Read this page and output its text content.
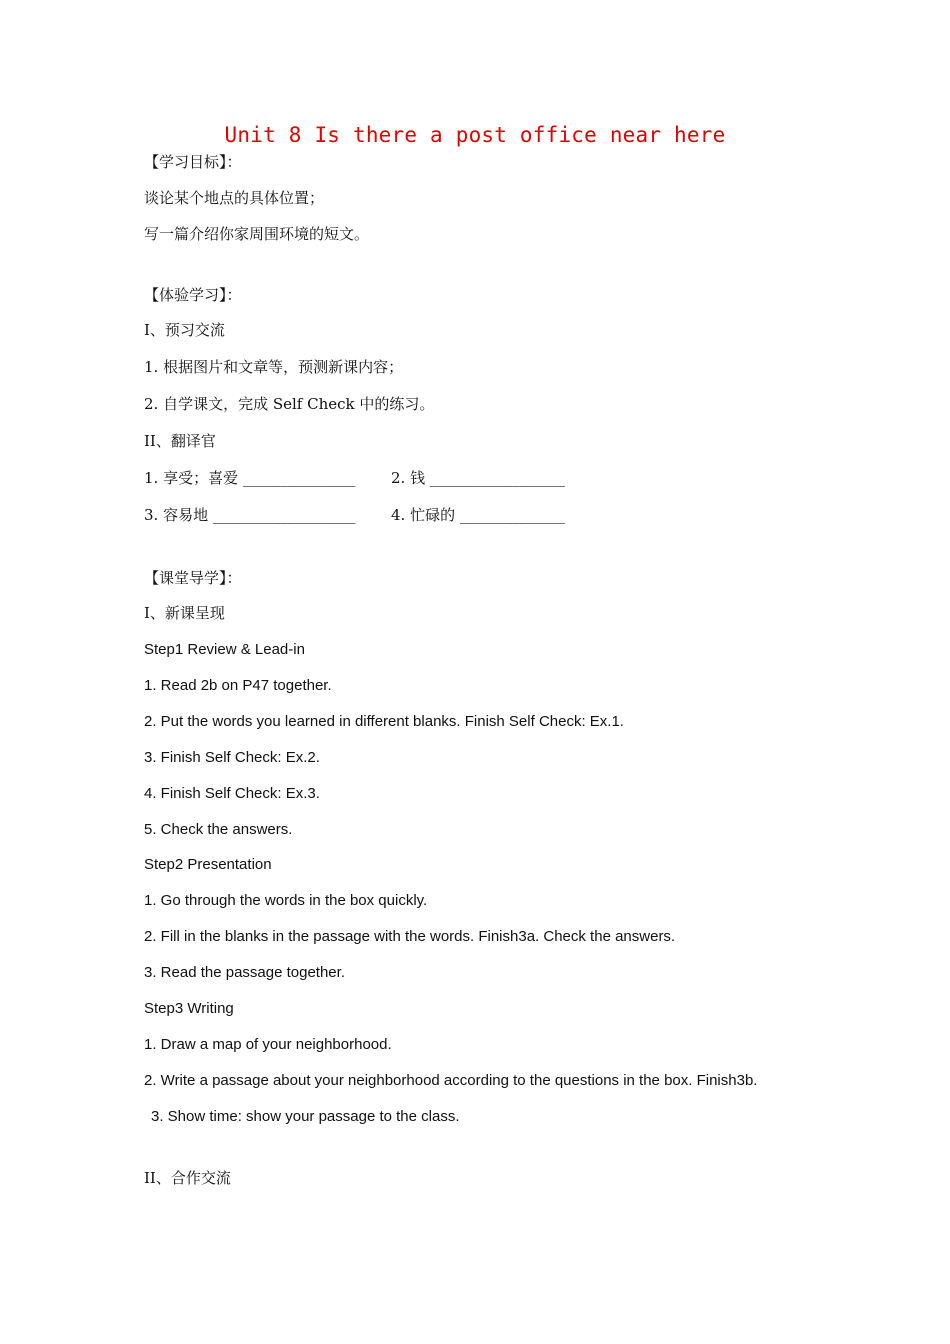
Unit 8 Is there a post office near here
【学习目标】：
谈论某个地点的具体位置；
写一篇介绍你家周围环境的短文。
【体验学习】：
I、预习交流
1. 根据图片和文章等，预测新课内容；
2. 自学课文，完成 Self Check 中的练习。
II、翻译官
1. 享受；喜爱 _______________ 2. 钱 __________________
3. 容易地 ___________________ 4. 忙碌的 ______________
【课堂导学】：
I、新课呈现
Step1 Review & Lead-in
1. Read 2b on P47 together.
2. Put the words you learned in different blanks. Finish Self Check: Ex.1.
3. Finish Self Check: Ex.2.
4. Finish Self Check: Ex.3.
5. Check the answers.
Step2 Presentation
1. Go through the words in the box quickly.
2. Fill in the blanks in the passage with the words. Finish3a. Check the answers.
3. Read the passage together.
Step3 Writing
1. Draw a map of your neighborhood.
2. Write a passage about your neighborhood according to the questions in the box. Finish3b.
3. Show time: show your passage to the class.
II、合作交流
